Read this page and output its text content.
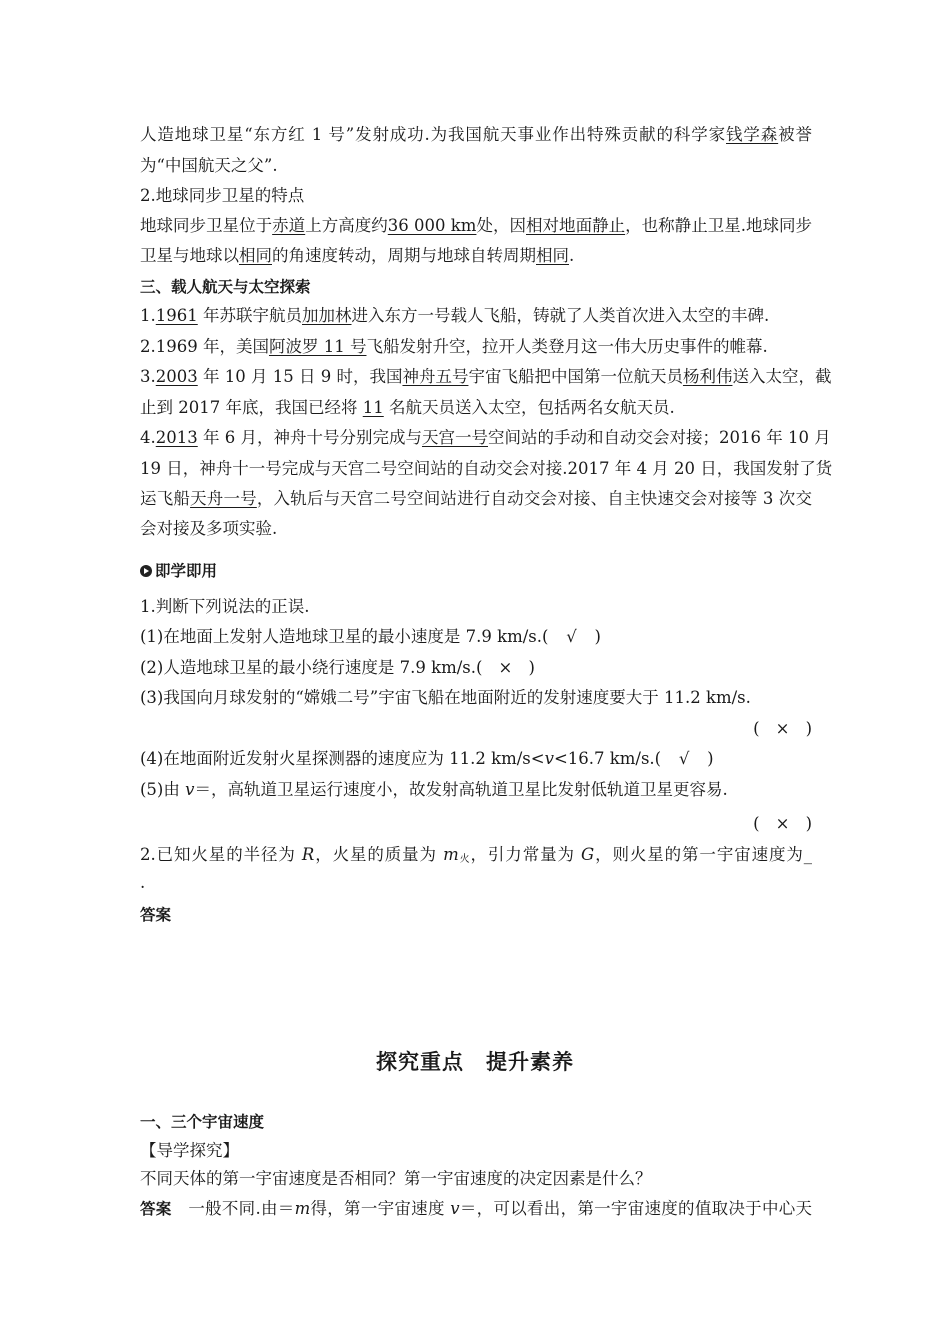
人造地球卫星“东方红 1 号”发射成功.为我国航天事业作出特殊贡献的科学家钱学森被誉
为“中国航天之父”.
2.地球同步卫星的特点
地球同步卫星位于赤道上方高度约36 000 km处，因相对地面静止，也称静止卫星.地球同步
卫星与地球以相同的角速度转动，周期与地球自转周期相同.
三、载人航天与太空探索
1.1961 年苏联宇航员加加林进入东方一号载人飞船，铸就了人类首次进入太空的丰碑.
2.1969 年，美国阿波罗 11 号飞船发射升空，拉开人类登月这一伟大历史事件的帷幕.
3.2003 年 10 月 15 日 9 时，我国神舟五号宇宙飞船把中国第一位航天员杨利伟送入太空，截
止到 2017 年底，我国已经将 11 名航天员送入太空，包括两名女航天员.
4.2013 年 6 月，神舟十号分别完成与天宫一号空间站的手动和自动交会对接；2016 年 10 月
19 日，神舟十一号完成与天宫二号空间站的自动交会对接.2017 年 4 月 20 日，我国发射了货
运飞船天舟一号，入轨后与天宫二号空间站进行自动交会对接、自主快速交会对接等 3 次交
会对接及多项实验.
即学即用
1.判断下列说法的正误.
(1)在地面上发射人造地球卫星的最小速度是 7.9 km/s.( √ )
(2)人造地球卫星的最小绕行速度是 7.9 km/s.( × )
(3)我国向月球发射的“嫦娥二号”宇宙飞船在地面附近的发射速度要大于 11.2 km/s.
( × )
(4)在地面附近发射火星探测器的速度应为 11.2 km/s<v<16.7 km/s.( √ )
(5)由 v＝，高轨道卫星运行速度小，故发射高轨道卫星比发射低轨道卫星更容易.
( × )
2.已知火星的半径为 R，火星的质量为 $m_火$，引力常量为 G，则火星的第一宇宙速度为_
.
答案
探究重点　提升素养
一、三个宇宙速度
【导学探究】
不同天体的第一宇宙速度是否相同？第一宇宙速度的决定因素是什么？
答案　一般不同.由＝m得，第一宇宙速度 v＝，可以看出，第一宇宙速度的值取决于中心天
